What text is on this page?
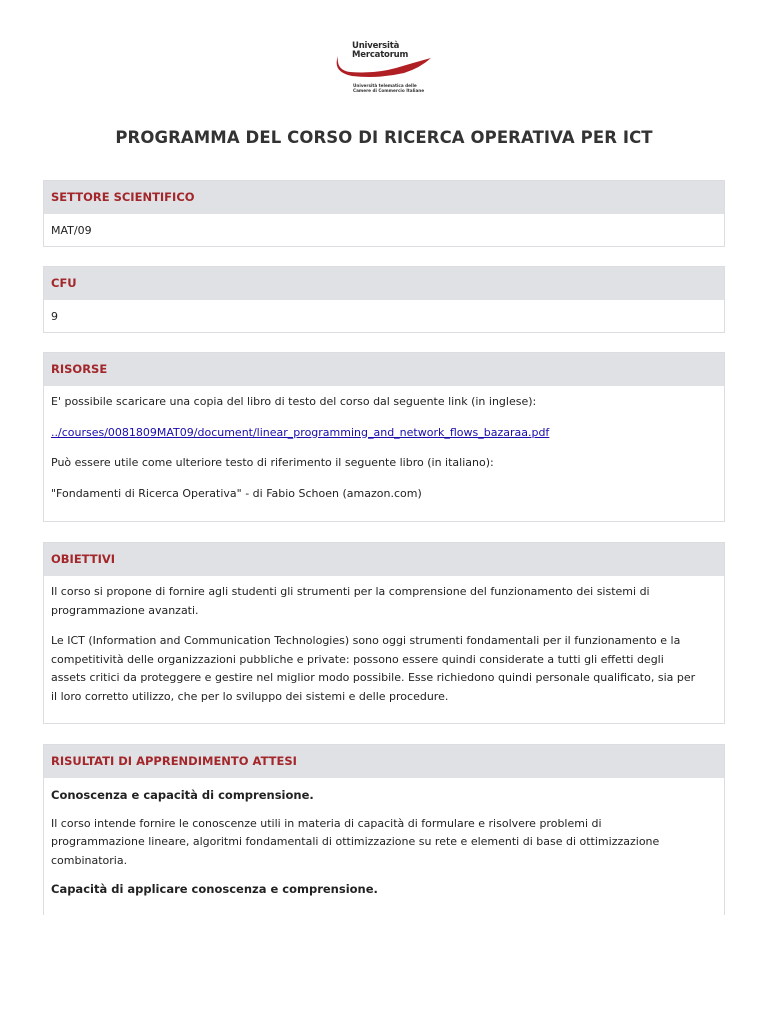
Università
Mercatorum
Università telematica delle
Camere di Commercio Italiane
PROGRAMMA DEL CORSO DI RICERCA OPERATIVA PER ICT
SETTORE SCIENTIFICO

MAT/09

CFU

9

RISORSE

E' possibile scaricare una copia del libro di testo del corso dal seguente link (in inglese):

../courses/0081809MAT09/document/linear_programming_and_network_flows_bazaraa.pdf

Può essere utile come ulteriore testo di riferimento il seguente libro (in italiano):

"Fondamenti di Ricerca Operativa" - di Fabio Schoen (amazon.com)

OBIETTIVI

Il corso si propone di fornire agli studenti gli strumenti per la comprensione del funzionamento dei sistemi di

programmazione avanzati.

Le ICT (Information and Communication Technologies) sono oggi strumenti fondamentali per il funzionamento e la

competitività delle organizzazioni pubbliche e private: possono essere quindi considerate a tutti gli effetti degli

assets critici da proteggere e gestire nel miglior modo possibile. Esse richiedono quindi personale qualificato, sia per

il loro corretto utilizzo, che per lo sviluppo dei sistemi e delle procedure.

RISULTATI DI APPRENDIMENTO ATTESI

Conoscenza e capacità di comprensione.

Il corso intende fornire le conoscenze utili in materia di capacità di formulare e risolvere problemi di

programmazione lineare, algoritmi fondamentali di ottimizzazione su rete e elementi di base di ottimizzazione

combinatoria.

Capacità di applicare conoscenza e comprensione.
